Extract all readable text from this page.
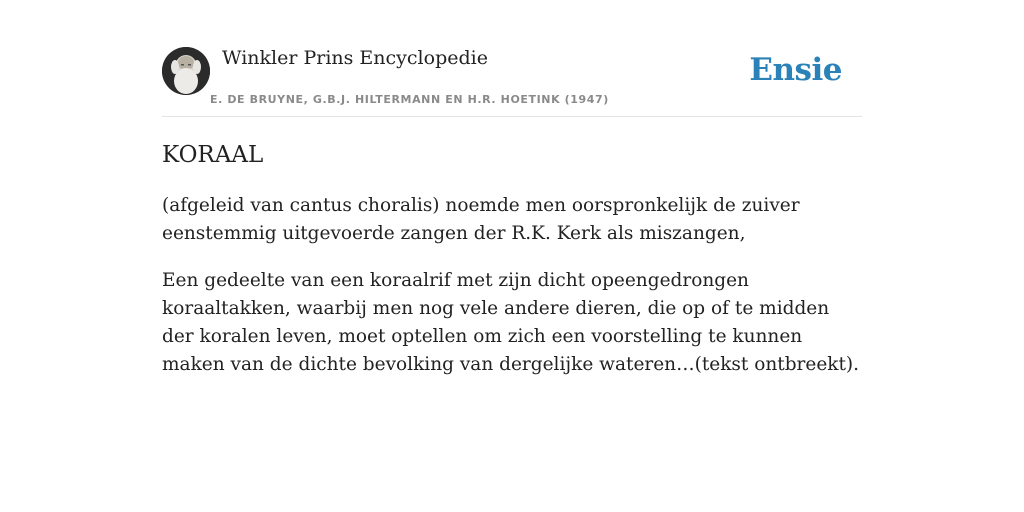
Winkler Prins Encyclopedie
E. DE BRUYNE, G.B.J. HILTERMANN EN H.R. HOETINK (1947)
Ensie
KORAAL

(afgeleid van cantus choralis) noemde men oorspronkelijk de zuiver eenstemmig uitgevoerde zangen der R.K. Kerk als miszangen,

Een gedeelte van een koraalrif met zijn dicht opeengedrongen koraaltakken, waarbij men nog vele andere dieren, die op of te midden der koralen leven, moet optellen om zich een voorstelling te kunnen maken van de dichte bevolking van dergelijke wateren…(tekst ontbreekt).
